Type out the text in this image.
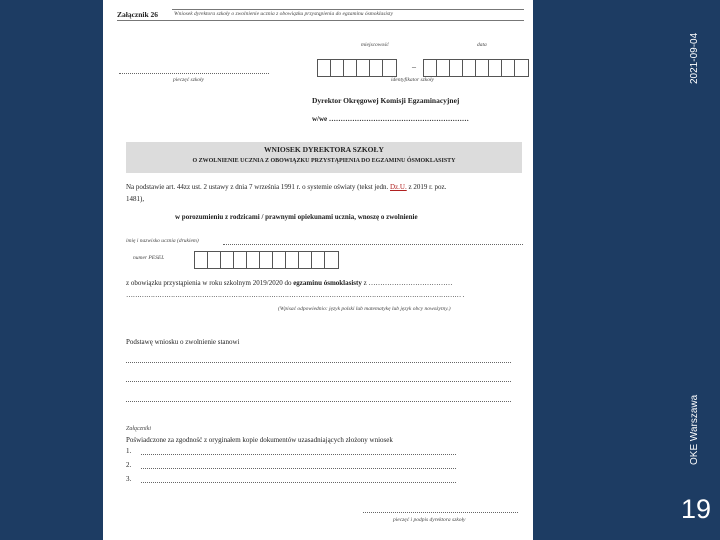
2021-09-04
OKE Warszawa
19
Załącznik 26	Wniosek dyrektora szkoły o zwolnienie ucznia z obowiązku przystąpienia do egzaminu ósmoklasisty
miejscowość	data
pieczęć szkoły
–
identyfikator szkoły
Dyrektor Okręgowej Komisji Egzaminacyjnej
w/we ……………………………………………………
WNIOSEK DYREKTORA SZKOŁY
O ZWOLNIENIE UCZNIA Z OBOWIĄZKU PRZYSTĄPIENIA DO EGZAMINU ÓSMOKLASISTY
Na podstawie art. 44zz ust. 2 ustawy z dnia 7 września 1991 r. o systemie oświaty (tekst jedn. Dz.U. z 2019 r. poz.
1481),
w porozumieniu z rodzicami / prawnymi opiekunami ucznia, wnoszę o zwolnienie
imię i nazwisko ucznia (drukiem)
numer PESEL
z obowiązku przystąpienia w roku szkolnym 2019/2020 do egzaminu ósmoklasisty z ………………………………
…………………………………………………………………………………………………………………………………… .
(Wpisać odpowiednio: język polski lub matematykę lub język obcy nowożytny.)
Podstawę wniosku o zwolnienie stanowi
Załączniki
Poświadczone za zgodność z oryginałem kopie dokumentów uzasadniających złożony wniosek
1.
2.
3.
pieczęć i podpis dyrektora szkoły
